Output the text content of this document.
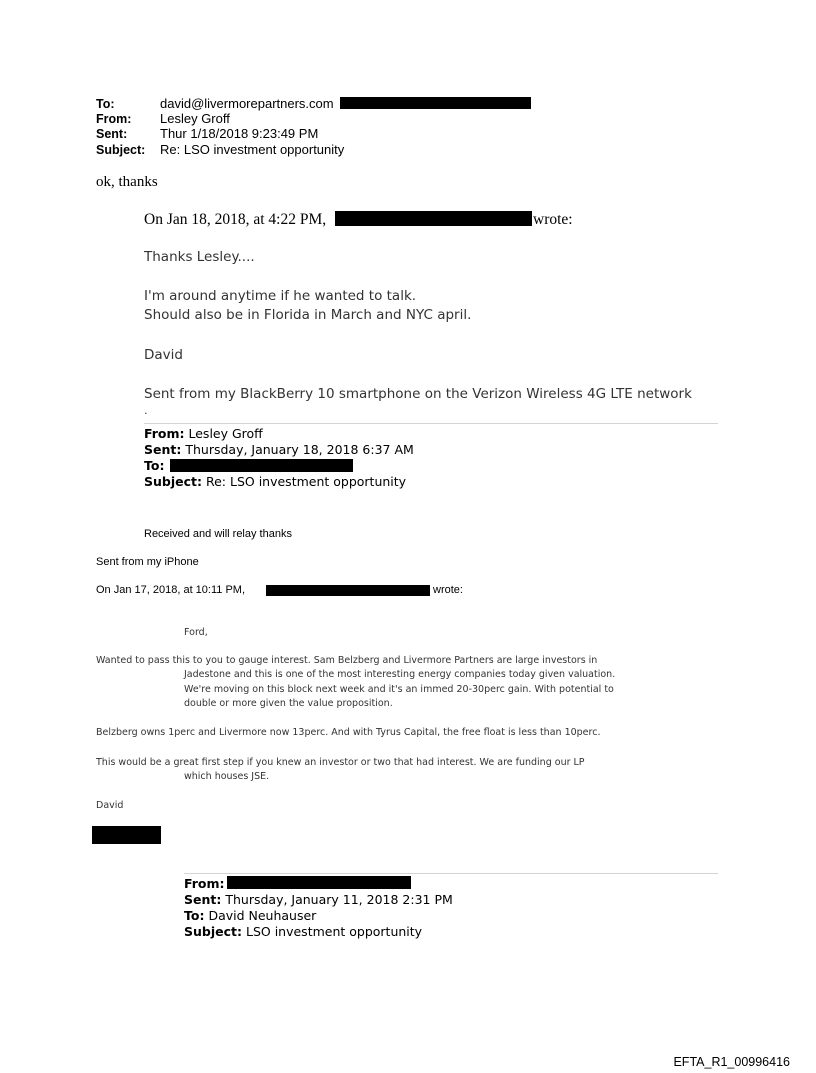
To:	david@livermorepartners.com
From: Lesley Groff
Sent:	Thur 1/18/2018 9:23:49 PM
Subject: Re: LSO investment opportunity
ok, thanks
On Jan 18, 2018, at 4:22 PM,	wrote:
Thanks Lesley....
I'm around anytime if he wanted to talk.
Should also be in Florida in March and NYC april.
David
Sent from my BlackBerry 10 smartphone on the Verizon Wireless 4G LTE network
.
From: Lesley Groff
Sent: Thursday, January 18, 2018 6:37 AM
To:
Subject: Re: LSO investment opportunity
Received and will relay thanks
Sent from my iPhone
On Jan 17, 2018, at 10:11 PM,	wrote:
Ford,
Wanted to pass this to you to gauge interest. Sam Belzberg and Livermore Partners are large investors in
Jadestone and this is one of the most interesting energy companies today given valuation.
We're moving on this block next week and it's an immed 20-30perc gain. With potential to
double or more given the value proposition.
Belzberg owns 1perc and Livermore now 13perc. And with Tyrus Capital, the free float is less than 10perc.
This would be a great first step if you knew an investor or two that had interest. We are funding our LP
which houses JSE.
David
From:
Sent: Thursday, January 11, 2018 2:31 PM
To: David Neuhauser
Subject: LSO investment opportunity
EFTA_R1_00996416
